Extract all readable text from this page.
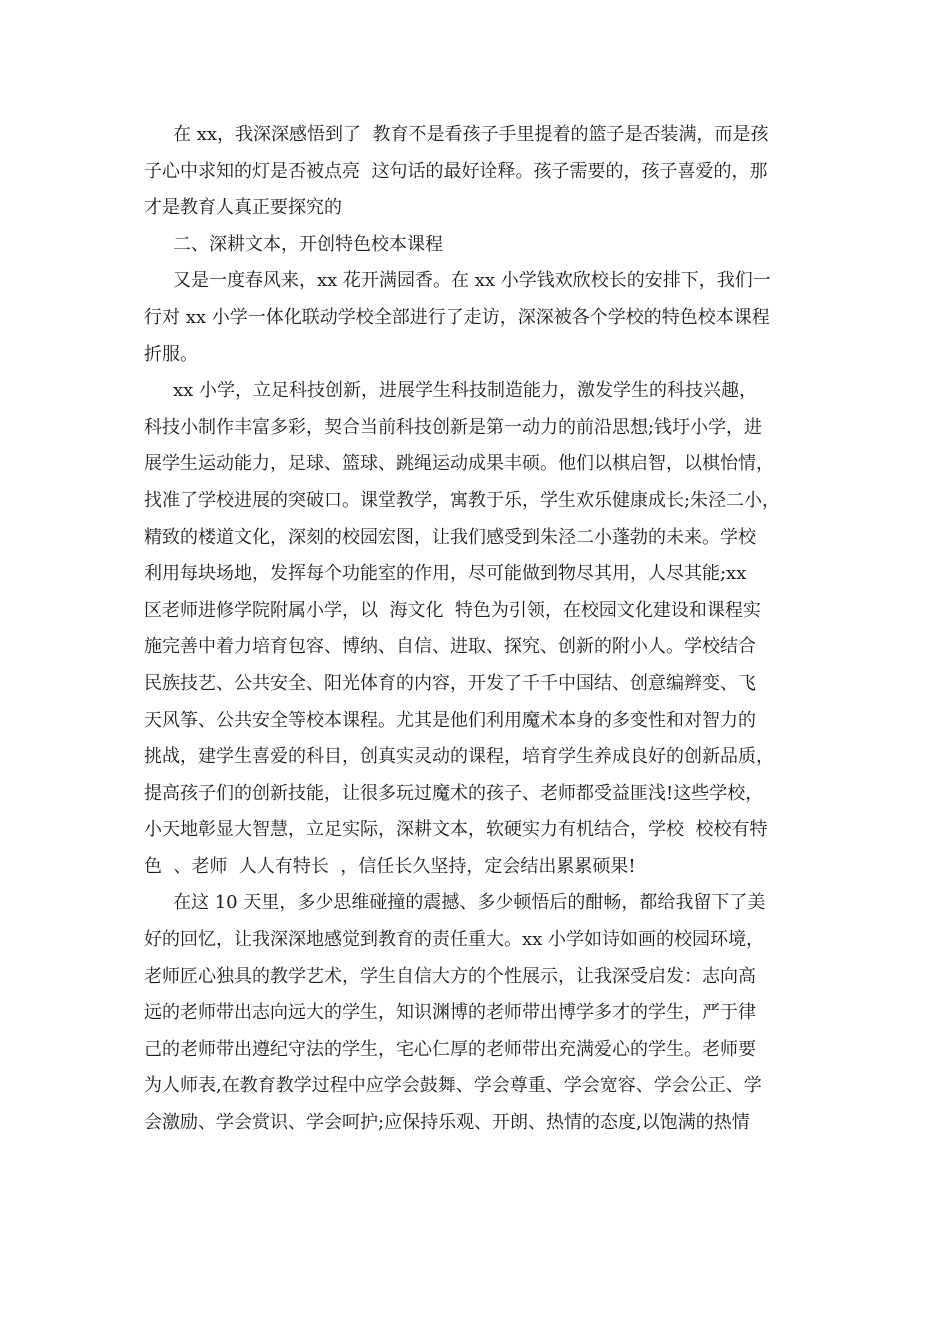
在 xx，我深深感悟到了  教育不是看孩子手里提着的篮子是否装满，而是孩
子心中求知的灯是否被点亮  这句话的最好诠释。孩子需要的，孩子喜爱的，那
才是教育人真正要探究的
二、深耕文本，开创特色校本课程
又是一度春风来，xx 花开满园香。在 xx 小学钱欢欣校长的安排下，我们一
行对 xx 小学一体化联动学校全部进行了走访，深深被各个学校的特色校本课程
折服。
xx 小学，立足科技创新，进展学生科技制造能力，激发学生的科技兴趣，
科技小制作丰富多彩，契合当前科技创新是第一动力的前沿思想;钱圩小学，进
展学生运动能力，足球、篮球、跳绳运动成果丰硕。他们以棋启智，以棋怡情，
找准了学校进展的突破口。课堂教学，寓教于乐，学生欢乐健康成长;朱泾二小，
精致的楼道文化，深刻的校园宏图，让我们感受到朱泾二小蓬勃的未来。学校
利用每块场地，发挥每个功能室的作用，尽可能做到物尽其用，人尽其能;xx
区老师进修学院附属小学，以  海文化  特色为引领，在校园文化建设和课程实
施完善中着力培育包容、博纳、自信、进取、探究、创新的附小人。学校结合
民族技艺、公共安全、阳光体育的内容，开发了千千中国结、创意编辫变、飞
天风筝、公共安全等校本课程。尤其是他们利用魔术本身的多变性和对智力的
挑战，建学生喜爱的科目，创真实灵动的课程，培育学生养成良好的创新品质，
提高孩子们的创新技能，让很多玩过魔术的孩子、老师都受益匪浅!这些学校，
小天地彰显大智慧，立足实际，深耕文本，软硬实力有机结合，学校  校校有特
色  、老师  人人有特长  ，信任长久坚持，定会结出累累硕果!
在这 10 天里，多少思维碰撞的震撼、多少顿悟后的酣畅，都给我留下了美
好的回忆，让我深深地感觉到教育的责任重大。xx 小学如诗如画的校园环境，
老师匠心独具的教学艺术，学生自信大方的个性展示，让我深受启发：志向高
远的老师带出志向远大的学生，知识渊博的老师带出博学多才的学生，严于律
己的老师带出遵纪守法的学生，宅心仁厚的老师带出充满爱心的学生。老师要
为人师表,在教育教学过程中应学会鼓舞、学会尊重、学会宽容、学会公正、学
会激励、学会赏识、学会呵护;应保持乐观、开朗、热情的态度,以饱满的热情
